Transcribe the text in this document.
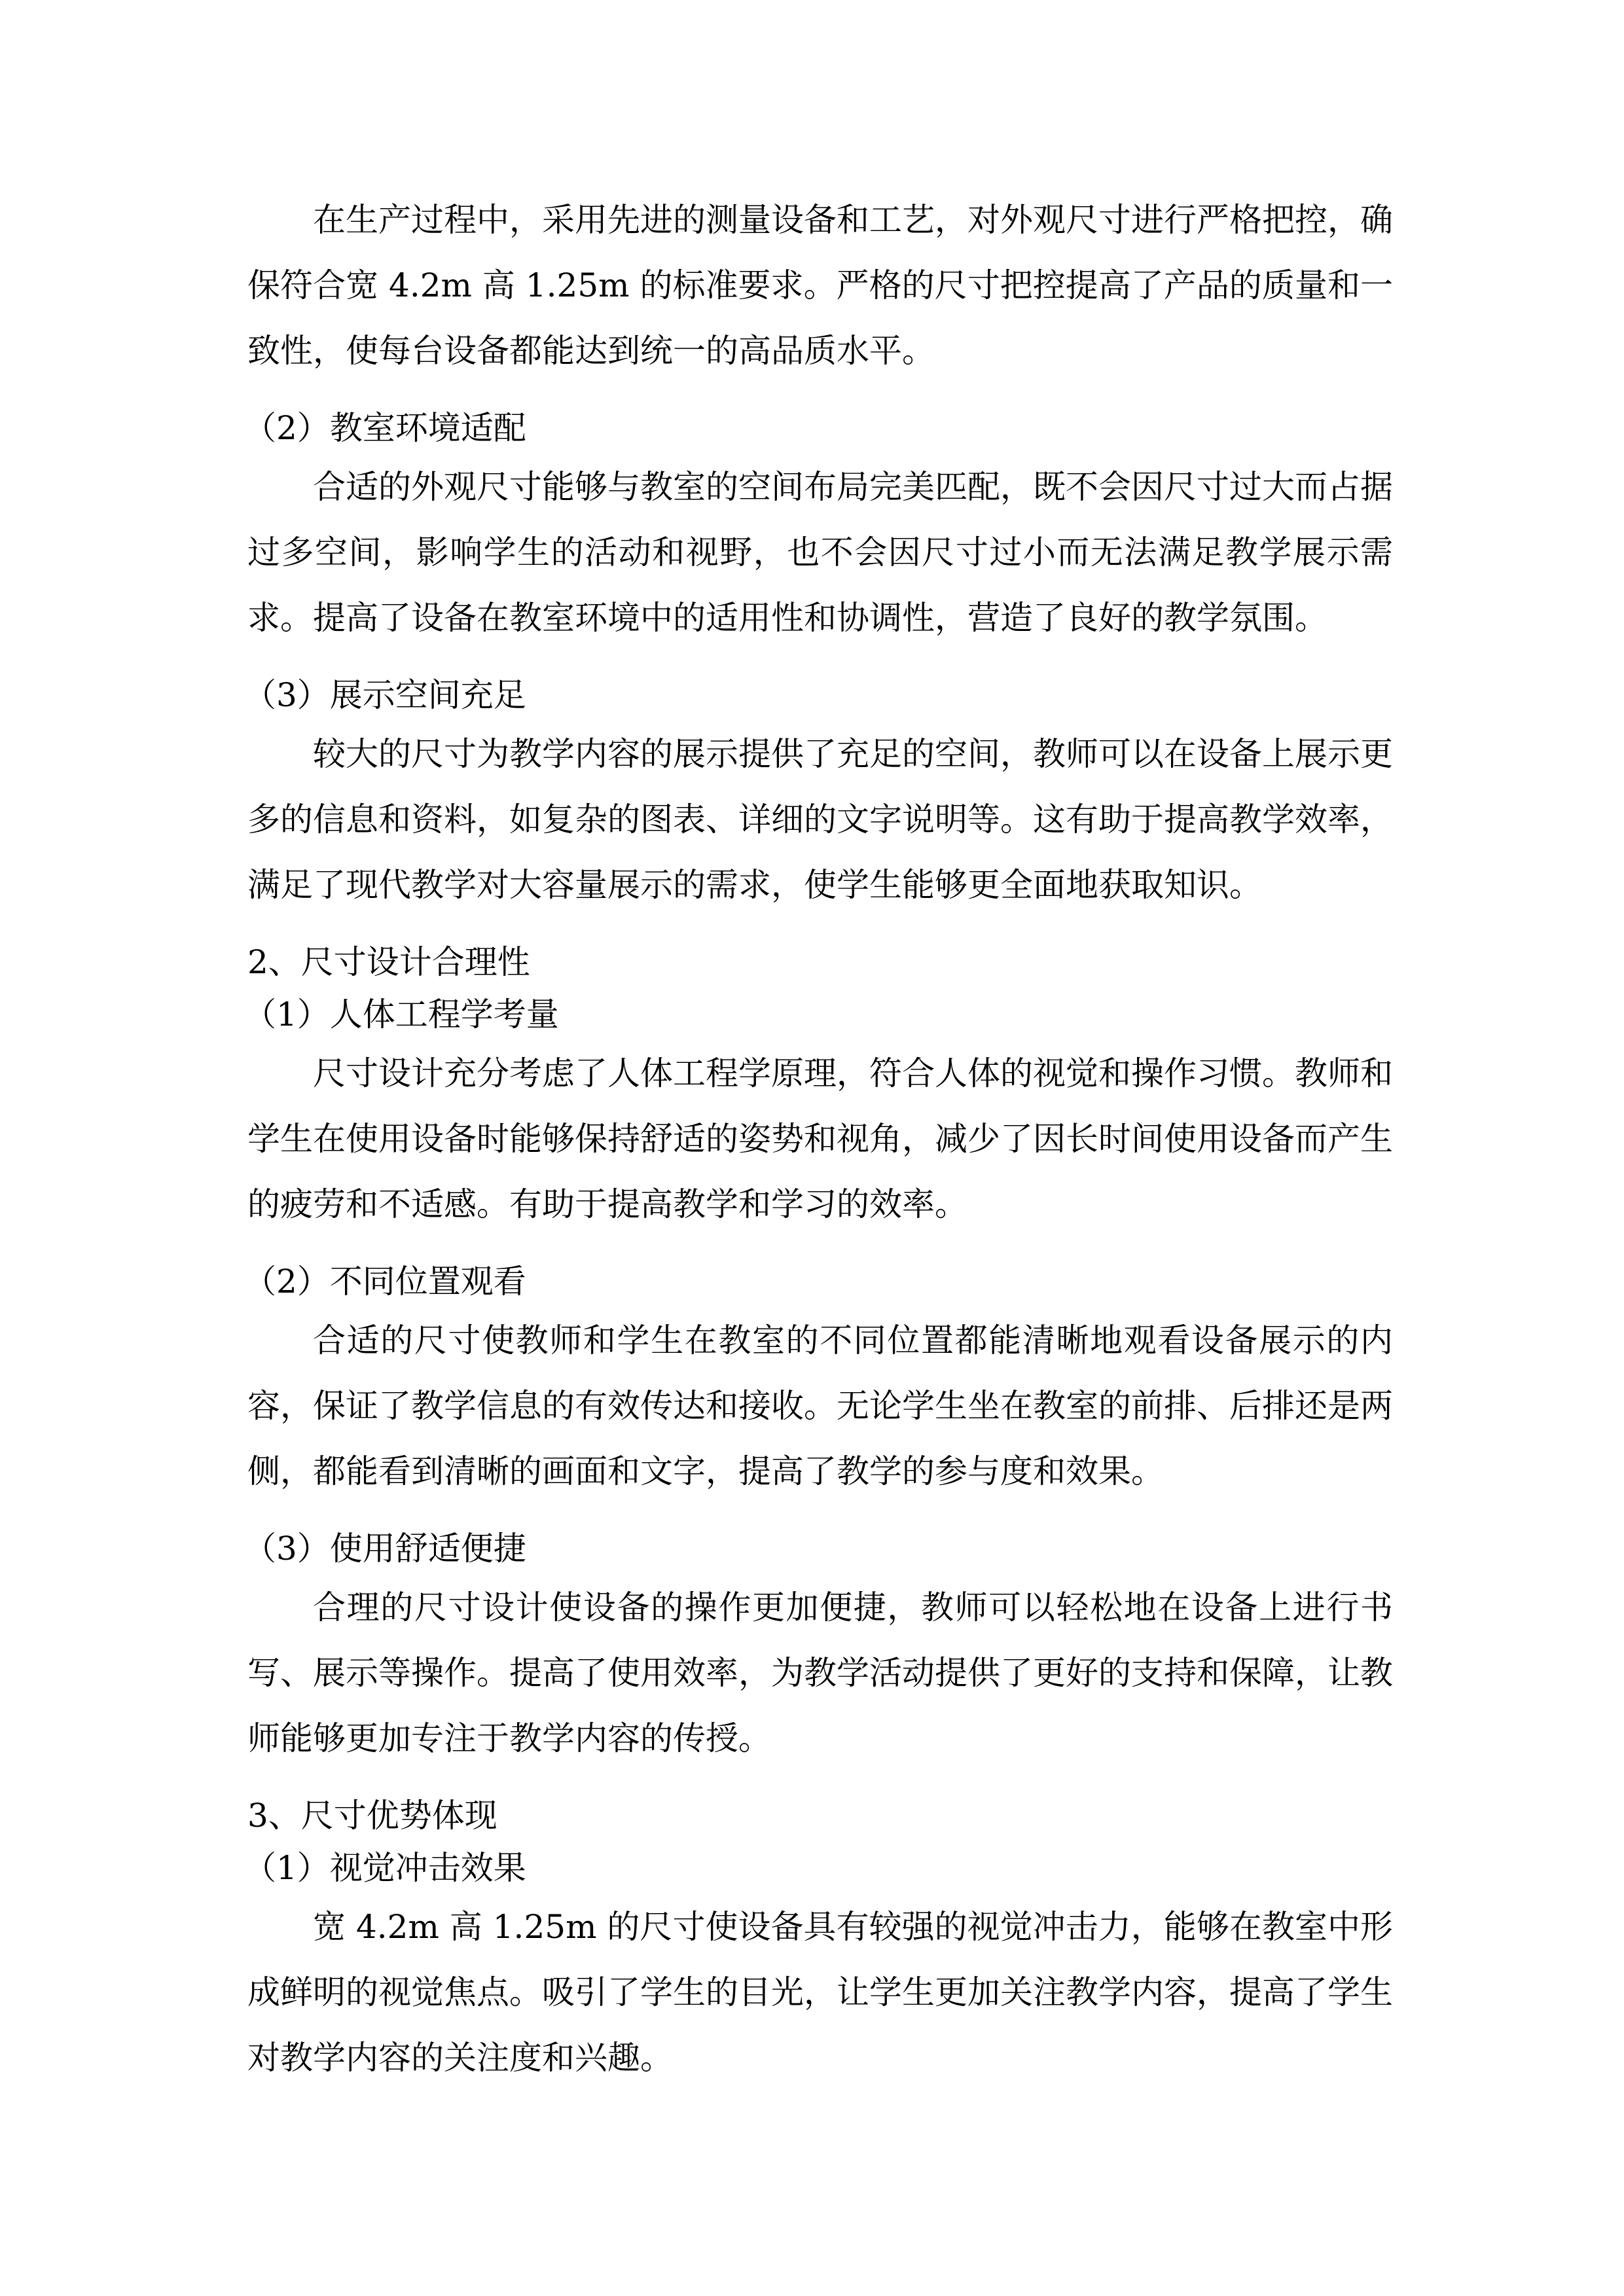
在生产过程中，采用先进的测量设备和工艺，对外观尺寸进行严格把控，确保符合宽 4.2m 高 1.25m 的标准要求。严格的尺寸把控提高了产品的质量和一致性，使每台设备都能达到统一的高品质水平。

（2）教室环境适配

合适的外观尺寸能够与教室的空间布局完美匹配，既不会因尺寸过大而占据过多空间，影响学生的活动和视野，也不会因尺寸过小而无法满足教学展示需求。提高了设备在教室环境中的适用性和协调性，营造了良好的教学氛围。

（3）展示空间充足

较大的尺寸为教学内容的展示提供了充足的空间，教师可以在设备上展示更多的信息和资料，如复杂的图表、详细的文字说明等。这有助于提高教学效率，满足了现代教学对大容量展示的需求，使学生能够更全面地获取知识。

2、尺寸设计合理性

（1）人体工程学考量

尺寸设计充分考虑了人体工程学原理，符合人体的视觉和操作习惯。教师和学生在使用设备时能够保持舒适的姿势和视角，减少了因长时间使用设备而产生的疲劳和不适感。有助于提高教学和学习的效率。

（2）不同位置观看

合适的尺寸使教师和学生在教室的不同位置都能清晰地观看设备展示的内容，保证了教学信息的有效传达和接收。无论学生坐在教室的前排、后排还是两侧，都能看到清晰的画面和文字，提高了教学的参与度和效果。

（3）使用舒适便捷

合理的尺寸设计使设备的操作更加便捷，教师可以轻松地在设备上进行书写、展示等操作。提高了使用效率，为教学活动提供了更好的支持和保障，让教师能够更加专注于教学内容的传授。

3、尺寸优势体现

（1）视觉冲击效果

宽 4.2m 高 1.25m 的尺寸使设备具有较强的视觉冲击力，能够在教室中形成鲜明的视觉焦点。吸引了学生的目光，让学生更加关注教学内容，提高了学生对教学内容的关注度和兴趣。
